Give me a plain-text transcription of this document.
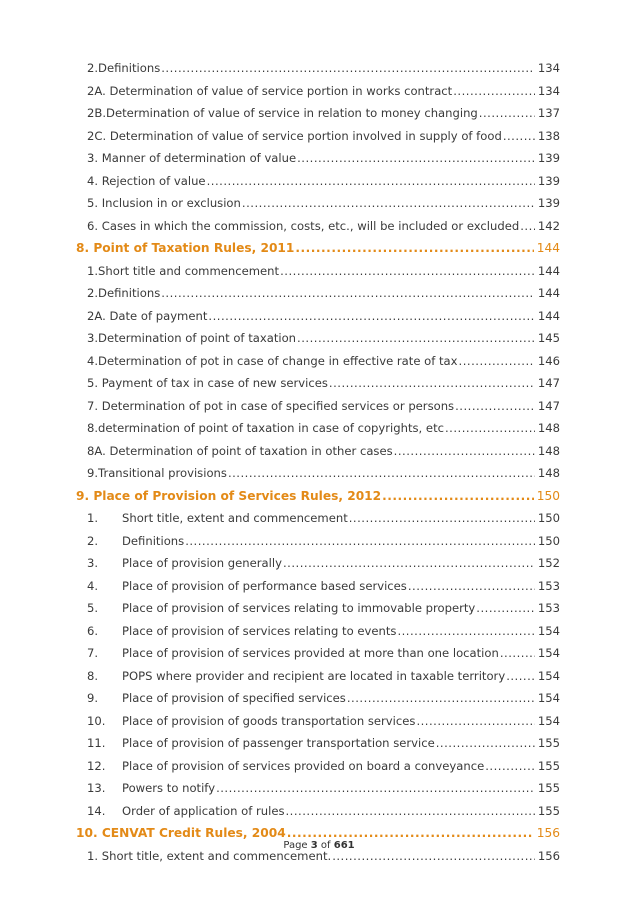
2.Definitions .....	134
2A. Determination of value of service portion in works contract .....	134
2B.Determination of value of service in relation to money changing .....	137
2C. Determination of value of service portion involved in supply of food .....	138
3. Manner of determination of value .....	139
4. Rejection of value .....	139
5. Inclusion in or exclusion .....	139
6. Cases in which the commission, costs, etc., will be included or excluded ..... 142
8. Point of Taxation Rules, 2011 .....	144
1.Short title and commencement .....	144
2.Definitions .....	144
2A. Date of payment .....	144
3.Determination of point of taxation .....	145
4.Determination of pot in case of change in effective rate of tax .....	146
5. Payment of tax in case of new services .....	147
7. Determination of pot in case of specified services or persons .....	147
8.determination of point of taxation in case of copyrights, etc .....	148
8A. Determination of point of taxation in other cases .....	148
9.Transitional provisions .....	148
9. Place of Provision of Services Rules, 2012 .....	150
1.	Short title, extent and commencement .....	150
2.	Definitions .....	150
3.	Place of provision generally .....	152
4.	Place of provision of performance based services .....	153
5.	Place of provision of services relating to immovable property .....	153
6.	Place of provision of services relating to events .....	154
7.	Place of provision of services provided at more than one location .....	154
8.	POPS where provider and recipient are located in taxable territory .....	154
9.	Place of provision of specified services .....	154
10.	Place of provision of goods transportation services .....	154
11.	Place of provision of passenger transportation service .....	155
12.	Place of provision of services provided on board a conveyance .....	155
13.	Powers to notify .....	155
14.	Order of application of rules .....	155
10. CENVAT Credit Rules, 2004 .....	156
1. Short title, extent and commencement. .....	156
Page 3 of 661
